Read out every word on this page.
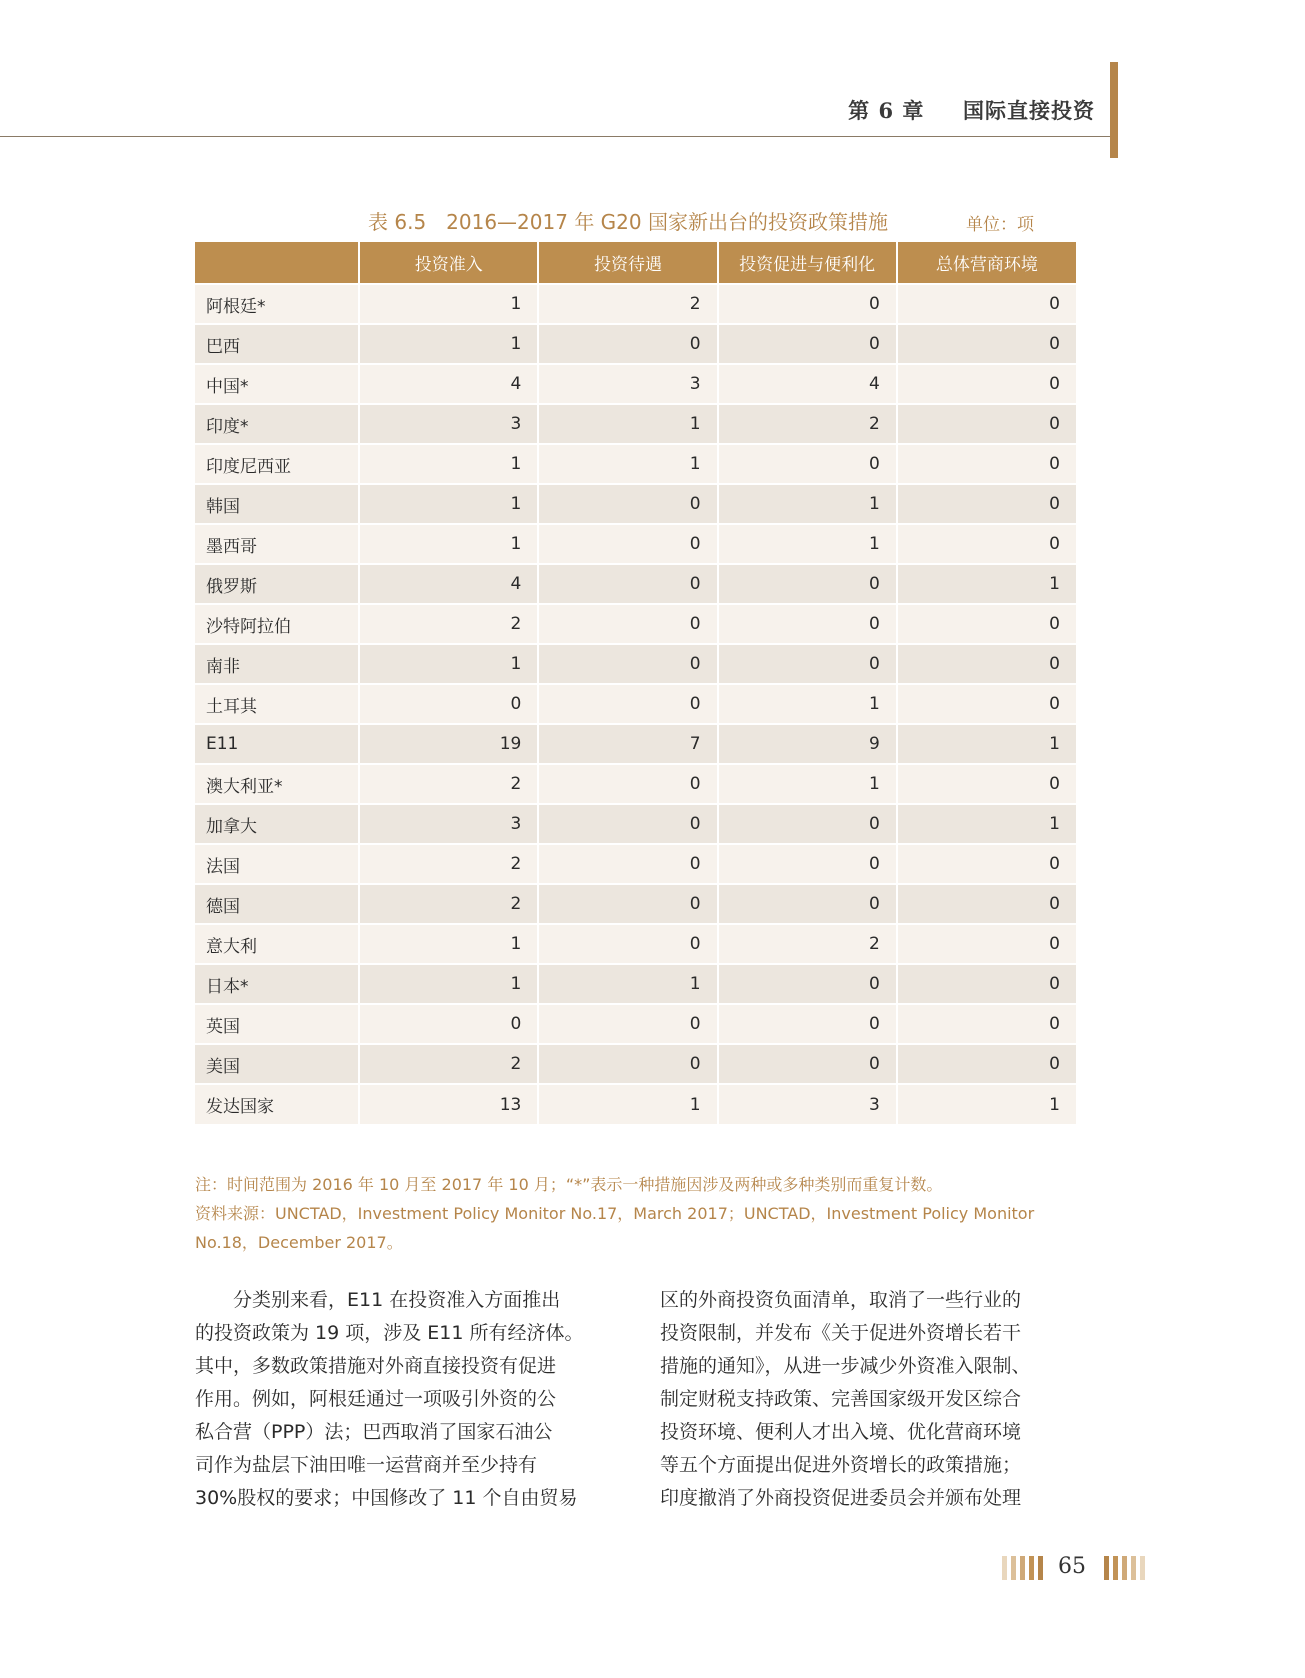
第 6 章 国际直接投资
表 6.5　2016—2017 年 G20 国家新出台的投资政策措施	单位：项
	投资准入	投资待遇	投资促进与便利化	总体营商环境
阿根廷*	1	2	0	0
巴西	1	0	0	0
中国*	4	3	4	0
印度*	3	1	2	0
印度尼西亚	1	1	0	0
韩国	1	0	1	0
墨西哥	1	0	1	0
俄罗斯	4	0	0	1
沙特阿拉伯	2	0	0	0
南非	1	0	0	0
土耳其	0	0	1	0
E11	19	7	9	1
澳大利亚*	2	0	1	0
加拿大	3	0	0	1
法国	2	0	0	0
德国	2	0	0	0
意大利	1	0	2	0
日本*	1	1	0	0
英国	0	0	0	0
美国	2	0	0	0
发达国家	13	1	3	1
注：时间范围为 2016 年 10 月至 2017 年 10 月；“*”表示一种措施因涉及两种或多种类别而重复计数。
资料来源：UNCTAD，Investment Policy Monitor No.17，March 2017；UNCTAD，Investment Policy Monitor
No.18，December 2017。
分类别来看，E11 在投资准入方面推出
的投资政策为 19 项，涉及 E11 所有经济体。
其中，多数政策措施对外商直接投资有促进
作用。例如，阿根廷通过一项吸引外资的公
私合营（PPP）法；巴西取消了国家石油公
司作为盐层下油田唯一运营商并至少持有
30%股权的要求；中国修改了 11 个自由贸易
区的外商投资负面清单，取消了一些行业的
投资限制，并发布《关于促进外资增长若干
措施的通知》，从进一步减少外资准入限制、
制定财税支持政策、完善国家级开发区综合
投资环境、便利人才出入境、优化营商环境
等五个方面提出促进外资增长的政策措施；
印度撤消了外商投资促进委员会并颁布处理
65
